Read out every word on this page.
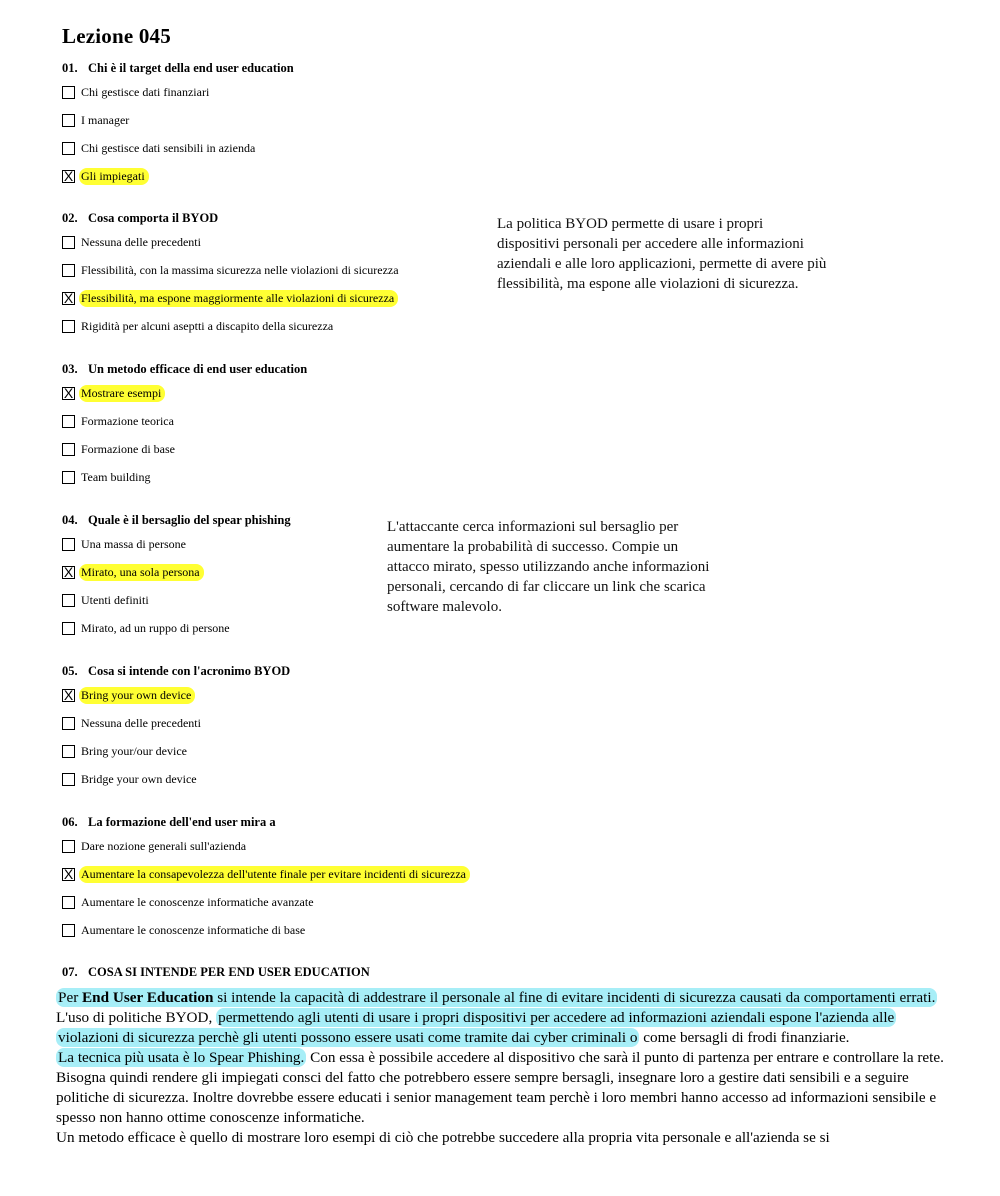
Lezione 045
01. Chi è il target della end user education
Chi gestisce dati finanziari
I manager
Chi gestisce dati sensibili in azienda
X Gli impiegati
02. Cosa comporta il BYOD
Nessuna delle precedenti
Flessibilità, con la massima sicurezza nelle violazioni di sicurezza
X Flessibilità, ma espone maggiormente alle violazioni di sicurezza
Rigidità per alcuni aseptti a discapito della sicurezza
La politica BYOD permette di usare i propri dispositivi personali per accedere alle informazioni aziendali e alle loro applicazioni, permette di avere più flessibilità, ma espone alle violazioni di sicurezza.
03. Un metodo efficace di end user education
X Mostrare esempi
Formazione teorica
Formazione di base
Team building
04. Quale è il bersaglio del spear phishing
Una massa di persone
X Mirato, una sola persona
Utenti definiti
Mirato, ad un ruppo di persone
L'attaccante cerca informazioni sul bersaglio per aumentare la probabilità di successo. Compie un attacco mirato, spesso utilizzando anche informazioni personali, cercando di far cliccare un link che scarica software malevolo.
05. Cosa si intende con l'acronimo BYOD
X Bring your own device
Nessuna delle precedenti
Bring your/our device
Bridge your own device
06. La formazione dell'end user mira a
Dare nozione generali sull'azienda
X Aumentare la consapevolezza dell'utente finale per evitare incidenti di sicurezza
Aumentare le conoscenze informatiche avanzate
Aumentare le conoscenze informatiche di base
07. COSA SI INTENDE PER END USER EDUCATION

Per End User Education si intende la capacità di addestrare il personale al fine di evitare incidenti di sicurezza causati da comportamenti errati.

L'uso di politiche BYOD, permettendo agli utenti di usare i propri dispositivi per accedere ad informazioni aziendali espone l'azienda alle violazioni di sicurezza perchè gli utenti possono essere usati come tramite dai cyber criminali o come bersagli di frodi finanziarie.

La tecnica più usata è lo Spear Phishing. Con essa è possibile accedere al dispositivo che sarà il punto di partenza per entrare e controllare la rete.

Bisogna quindi rendere gli impiegati consci del fatto che potrebbero essere sempre bersagli, insegnare loro a gestire dati sensibili e a seguire politiche di sicurezza. Inoltre dovrebbe essere educati i senior management team perchè i loro membri hanno accesso ad informazioni sensibile e spesso non hanno ottime conoscenze informatiche.

Un metodo efficace è quello di mostrare loro esempi di ciò che potrebbe succedere alla propria vita personale e all'azienda se si
